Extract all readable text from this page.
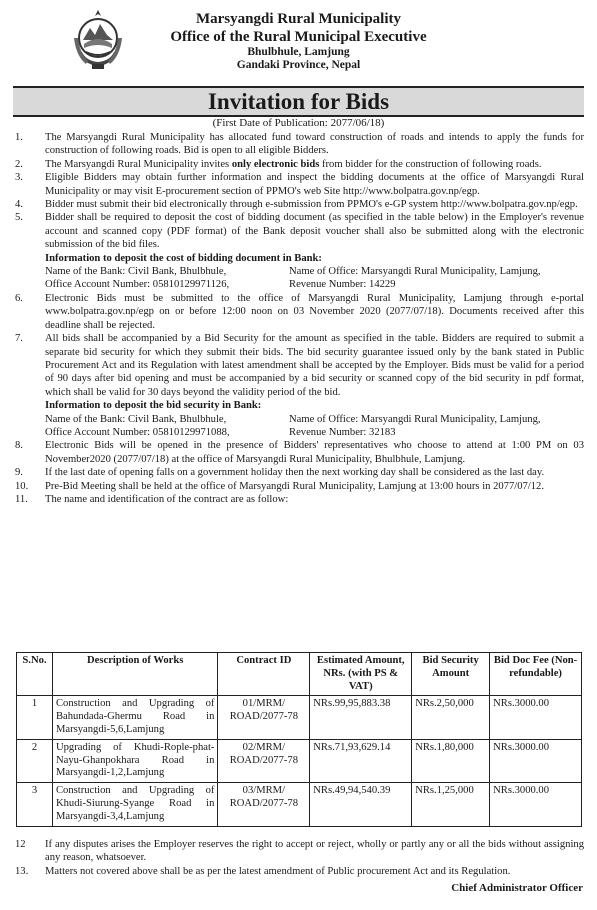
Marsyangdi Rural Municipality
Office of the Rural Municipal Executive
Bhulbhule, Lamjung
Gandaki Province, Nepal
Invitation for Bids
(First Date of Publication: 2077/06/18)
1. The Marsyangdi Rural Municipality has allocated fund toward construction of roads and intends to apply the funds for construction of following roads. Bid is open to all eligible Bidders.
2. The Marsyangdi Rural Municipality invites only electronic bids from bidder for the construction of following roads.
3. Eligible Bidders may obtain further information and inspect the bidding documents at the office of Marsyangdi Rural Municipality or may visit E-procurement section of PPMO's web Site http://www.bolpatra.gov.np/egp.
4. Bidder must submit their bid electronically through e-submission from PPMO's e-GP system http://www.bolpatra.gov.np/egp.
5. Bidder shall be required to deposit the cost of bidding document (as specified in the table below) in the Employer's revenue account and scanned copy (PDF format) of the Bank deposit voucher shall also be submitted along with the electronic submission of the bid files.
Information to deposit the cost of bidding document in Bank:
Name of the Bank: Civil Bank, Bhulbhule,	Name of Office: Marsyangdi Rural Municipality, Lamjung,
Office Account Number: 05810129971126,	Revenue Number: 14229
6. Electronic Bids must be submitted to the office of Marsyangdi Rural Municipality, Lamjung through e-portal www.bolpatra.gov.np/egp on or before 12:00 noon on 03 November 2020 (2077/07/18). Documents received after this deadline shall be rejected.
7. All bids shall be accompanied by a Bid Security for the amount as specified in the table. Bidders are required to submit a separate bid security for which they submit their bids. The bid security guarantee issued only by the bank stated in Public Procurement Act and its Regulation with latest amendment shall be accepted by the Employer. Bids must be valid for a period of 90 days after bid opening and must be accompanied by a bid security or scanned copy of the bid security in pdf format, which shall be valid for 30 days beyond the validity period of the bid.
Information to deposit the bid security in Bank:
Name of the Bank: Civil Bank, Bhulbhule,	Name of Office: Marsyangdi Rural Municipality, Lamjung,
Office Account Number: 05810129971088,	Revenue Number: 32183
8. Electronic Bids will be opened in the presence of Bidders' representatives who choose to attend at 1:00 PM on 03 November2020 (2077/07/18) at the office of Marsyangdi Rural Municipality, Bhulbhule, Lamjung.
9. If the last date of opening falls on a government holiday then the next working day shall be considered as the last day.
10. Pre-Bid Meeting shall be held at the office of Marsyangdi Rural Municipality, Lamjung at 13:00 hours in 2077/07/12.
11. The name and identification of the contract are as follow:
S.No.	Description of Works	Contract ID	Estimated Amount, NRs. (with PS & VAT)	Bid Security Amount	Bid Doc Fee (Non-refundable)
1	Construction and Upgrading of Bahundada-Ghermu Road in Marsyangdi-5,6,Lamjung	01/MRM/ ROAD/2077-78	NRs.99,95,883.38	NRs.2,50,000	NRs.3000.00
2	Upgrading of Khudi-Rople-phat- Nayu-Ghanpokhara Road in Marsyangdi-1,2,Lamjung	02/MRM/ ROAD/2077-78	NRs.71,93,629.14	NRs.1,80,000	NRs.3000.00
3	Construction and Upgrading of Khudi-Siurung-Syange Road in Marsyangdi-3,4,Lamjung	03/MRM/ ROAD/2077-78	NRs.49,94,540.39	NRs.1,25,000	NRs.3000.00
12 If any disputes arises the Employer reserves the right to accept or reject, wholly or partly any or all the bids without assigning any reason, whatsoever.
13. Matters not covered above shall be as per the latest amendment of Public procurement Act and its Regulation.
Chief Administrator Officer
